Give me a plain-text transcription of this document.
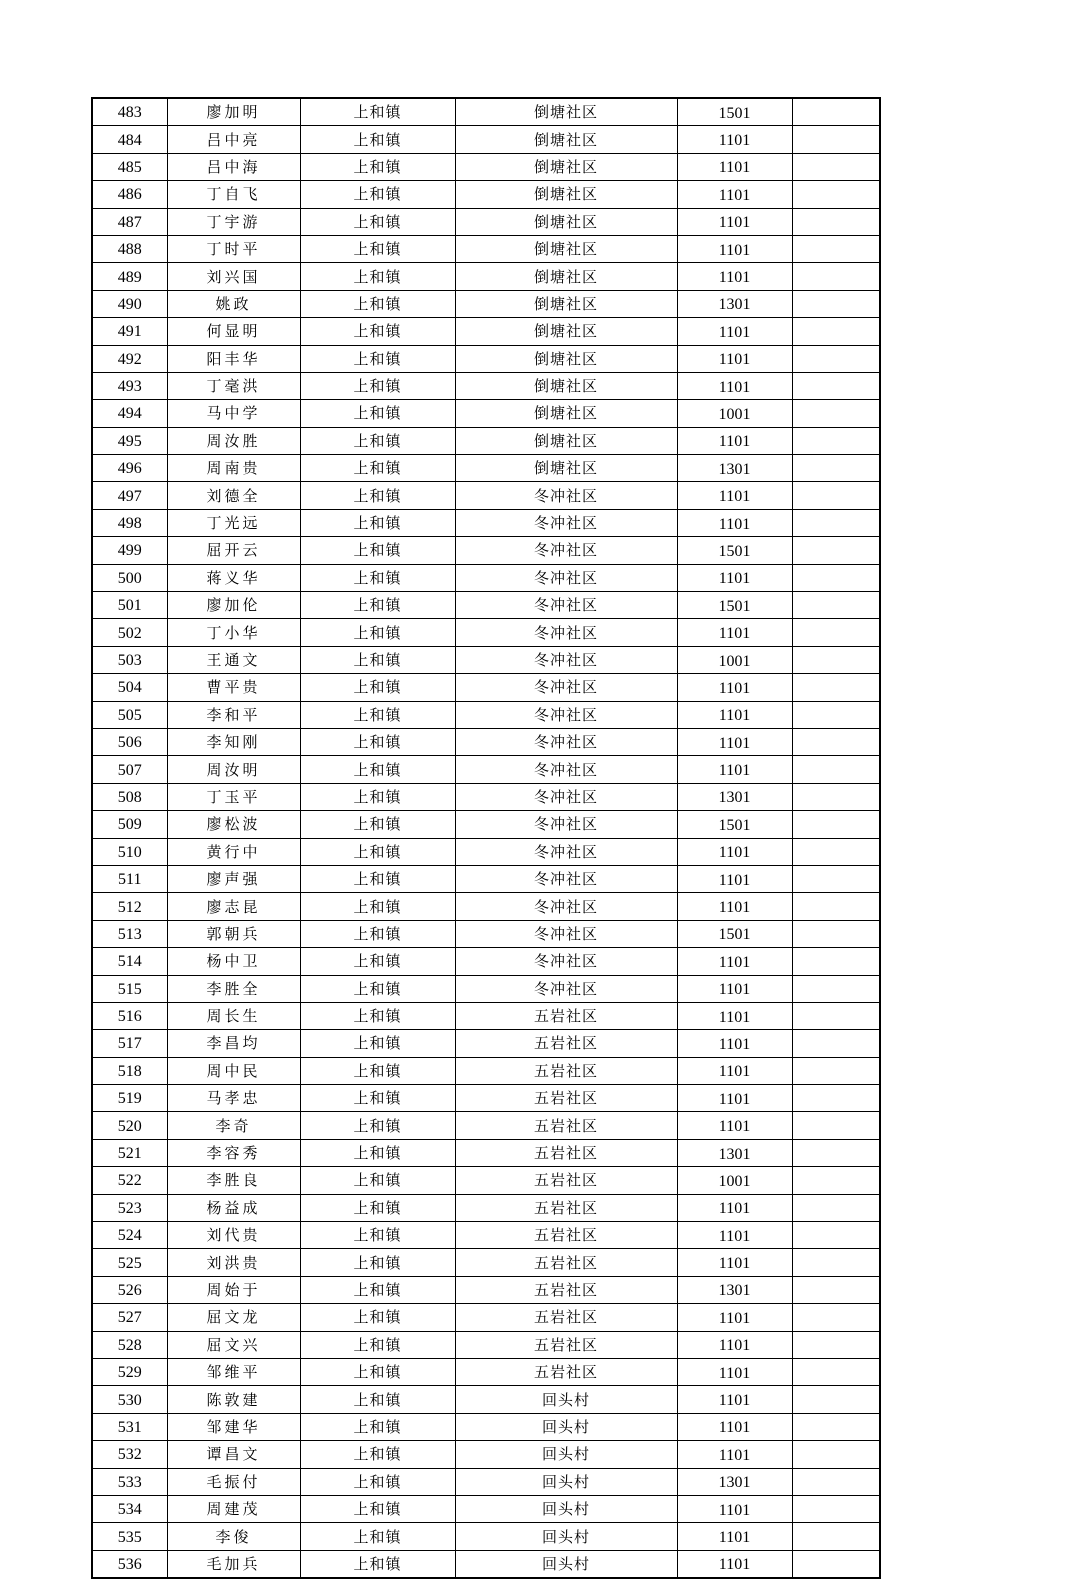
483	廖加明	上和镇	倒塘社区	1501	
484	吕中亮	上和镇	倒塘社区	1101	
485	吕中海	上和镇	倒塘社区	1101	
486	丁自飞	上和镇	倒塘社区	1101	
487	丁宇游	上和镇	倒塘社区	1101	
488	丁时平	上和镇	倒塘社区	1101	
489	刘兴国	上和镇	倒塘社区	1101	
490	姚政	上和镇	倒塘社区	1301	
491	何显明	上和镇	倒塘社区	1101	
492	阳丰华	上和镇	倒塘社区	1101	
493	丁毫洪	上和镇	倒塘社区	1101	
494	马中学	上和镇	倒塘社区	1001	
495	周汝胜	上和镇	倒塘社区	1101	
496	周南贵	上和镇	倒塘社区	1301	
497	刘德全	上和镇	冬冲社区	1101	
498	丁光远	上和镇	冬冲社区	1101	
499	屈开云	上和镇	冬冲社区	1501	
500	蒋义华	上和镇	冬冲社区	1101	
501	廖加伦	上和镇	冬冲社区	1501	
502	丁小华	上和镇	冬冲社区	1101	
503	王通文	上和镇	冬冲社区	1001	
504	曹平贵	上和镇	冬冲社区	1101	
505	李和平	上和镇	冬冲社区	1101	
506	李知刚	上和镇	冬冲社区	1101	
507	周汝明	上和镇	冬冲社区	1101	
508	丁玉平	上和镇	冬冲社区	1301	
509	廖松波	上和镇	冬冲社区	1501	
510	黄行中	上和镇	冬冲社区	1101	
511	廖声强	上和镇	冬冲社区	1101	
512	廖志昆	上和镇	冬冲社区	1101	
513	郭朝兵	上和镇	冬冲社区	1501	
514	杨中卫	上和镇	冬冲社区	1101	
515	李胜全	上和镇	冬冲社区	1101	
516	周长生	上和镇	五岩社区	1101	
517	李昌均	上和镇	五岩社区	1101	
518	周中民	上和镇	五岩社区	1101	
519	马孝忠	上和镇	五岩社区	1101	
520	李奇	上和镇	五岩社区	1101	
521	李容秀	上和镇	五岩社区	1301	
522	李胜良	上和镇	五岩社区	1001	
523	杨益成	上和镇	五岩社区	1101	
524	刘代贵	上和镇	五岩社区	1101	
525	刘洪贵	上和镇	五岩社区	1101	
526	周始于	上和镇	五岩社区	1301	
527	屈文龙	上和镇	五岩社区	1101	
528	屈文兴	上和镇	五岩社区	1101	
529	邹维平	上和镇	五岩社区	1101	
530	陈敦建	上和镇	回头村	1101	
531	邹建华	上和镇	回头村	1101	
532	谭昌文	上和镇	回头村	1101	
533	毛振付	上和镇	回头村	1301	
534	周建茂	上和镇	回头村	1101	
535	李俊	上和镇	回头村	1101	
536	毛加兵	上和镇	回头村	1101	
